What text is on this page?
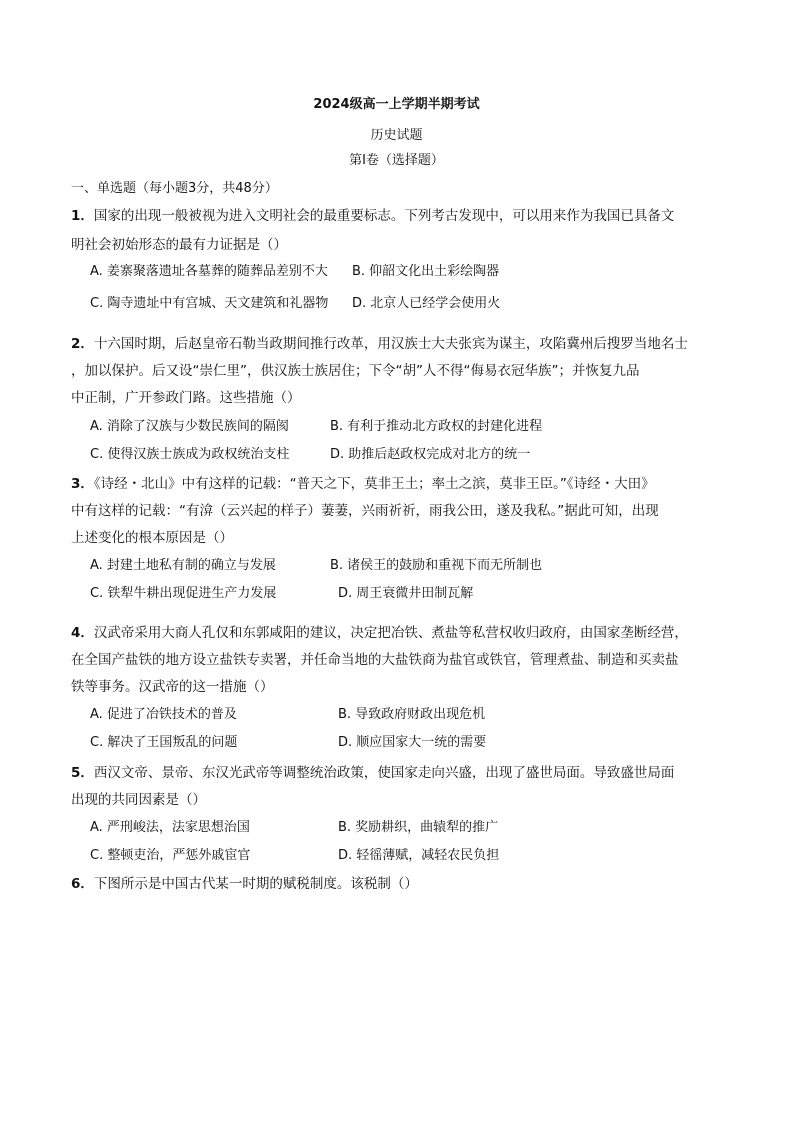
2024级高一上学期半期考试
历史试题
第Ⅰ卷（选择题）
一、单选题（每小题3分，共48分）
1．国家的出现一般被视为进入文明社会的最重要标志。下列考古发现中，可以用来作为我国已具备文
明社会初始形态的最有力证据是（）
A. 姜寨聚落遗址各墓葬的随葬品差别不大 B. 仰韶文化出土彩绘陶器
C. 陶寺遗址中有宫城、天文建筑和礼器物 D. 北京人已经学会使用火
2．十六国时期，后赵皇帝石勒当政期间推行改革，用汉族士大夫张宾为谋主，攻陷冀州后搜罗当地名士
，加以保护。后又设“崇仁里”，供汉族士族居住；下令“胡”人不得“侮易衣冠华族”；并恢复九品
中正制，广开参政门路。这些措施（）
A. 消除了汉族与少数民族间的隔阂	B. 有利于推动北方政权的封建化进程
C. 使得汉族士族成为政权统治支柱	D. 助推后赵政权完成对北方的统一
3．《诗经・北山》中有这样的记载：“普天之下，莫非王土；率土之滨，莫非王臣。”《诗经・大田》
中有这样的记载：“有渰（云兴起的样子）萋萋，兴雨祈祈，雨我公田，遂及我私。”据此可知，出现
上述变化的根本原因是（）
A. 封建土地私有制的确立与发展	B. 诸侯王的鼓励和重视下而无所制也
C. 铁犁牛耕出现促进生产力发展	D. 周王衰微井田制瓦解
4．汉武帝采用大商人孔仅和东郭咸阳的建议，决定把冶铁、煮盐等私营权收归政府，由国家垄断经营，
在全国产盐铁的地方设立盐铁专卖署，并任命当地的大盐铁商为盐官或铁官，管理煮盐、制造和买卖盐
铁等事务。汉武帝的这一措施（）
A. 促进了冶铁技术的普及	B. 导致政府财政出现危机
C. 解决了王国叛乱的问题	D. 顺应国家大一统的需要
5．西汉文帝、景帝、东汉光武帝等调整统治政策，使国家走向兴盛，出现了盛世局面。导致盛世局面
出现的共同因素是（）
A. 严刑峻法，法家思想治国	B. 奖励耕织，曲辕犁的推广
C. 整顿吏治，严惩外戚宦官	D. 轻徭薄赋，减轻农民负担
6．下图所示是中国古代某一时期的赋税制度。该税制（）
